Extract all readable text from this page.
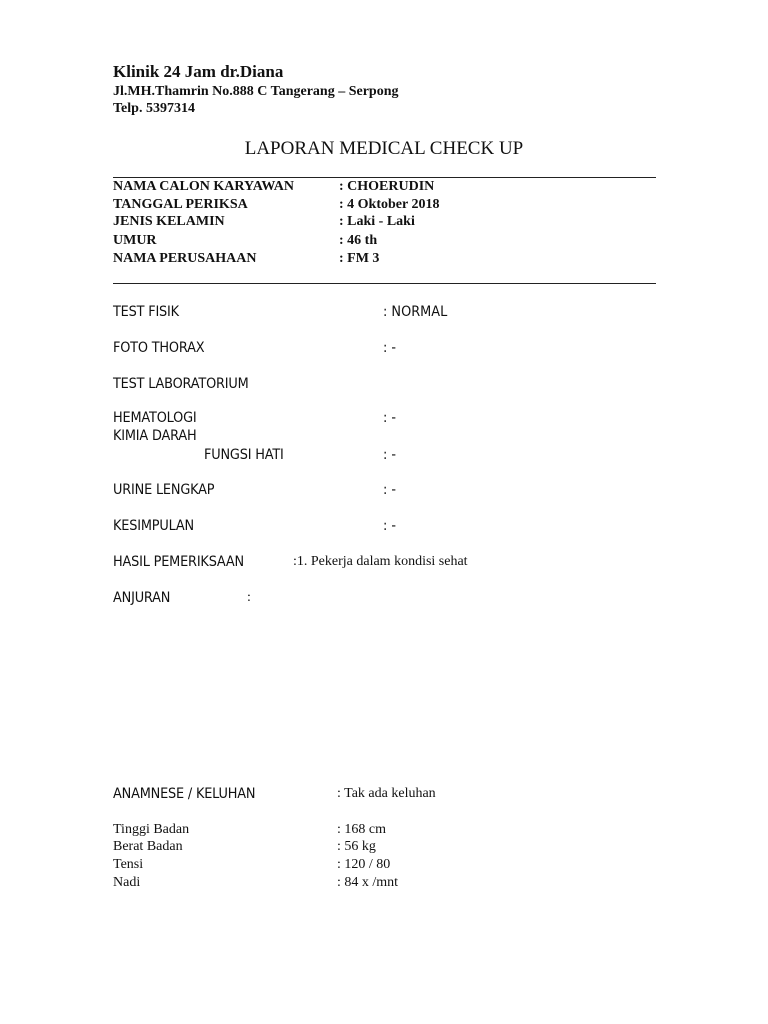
Klinik 24 Jam dr.Diana
Jl.MH.Thamrin No.888 C Tangerang – Serpong
Telp. 5397314
LAPORAN MEDICAL CHECK UP
NAMA CALON KARYAWAN	: CHOERUDIN
TANGGAL PERIKSA	: 4 Oktober 2018
JENIS KELAMIN	: Laki - Laki
UMUR	: 46 th
NAMA PERUSAHAAN	: FM 3
TEST FISIK	: NORMAL
FOTO THORAX	: -
TEST LABORATORIUM
HEMATOLOGI	: -
KIMIA DARAH
FUNGSI HATI	: -
URINE LENGKAP	: -
KESIMPULAN	: -
HASIL PEMERIKSAAN	:1. Pekerja dalam kondisi sehat
ANJURAN	:
ANAMNESE / KELUHAN	: Tak ada keluhan
Tinggi Badan	: 168 cm
Berat Badan	: 56 kg
Tensi	: 120 / 80
Nadi	: 84 x /mnt
